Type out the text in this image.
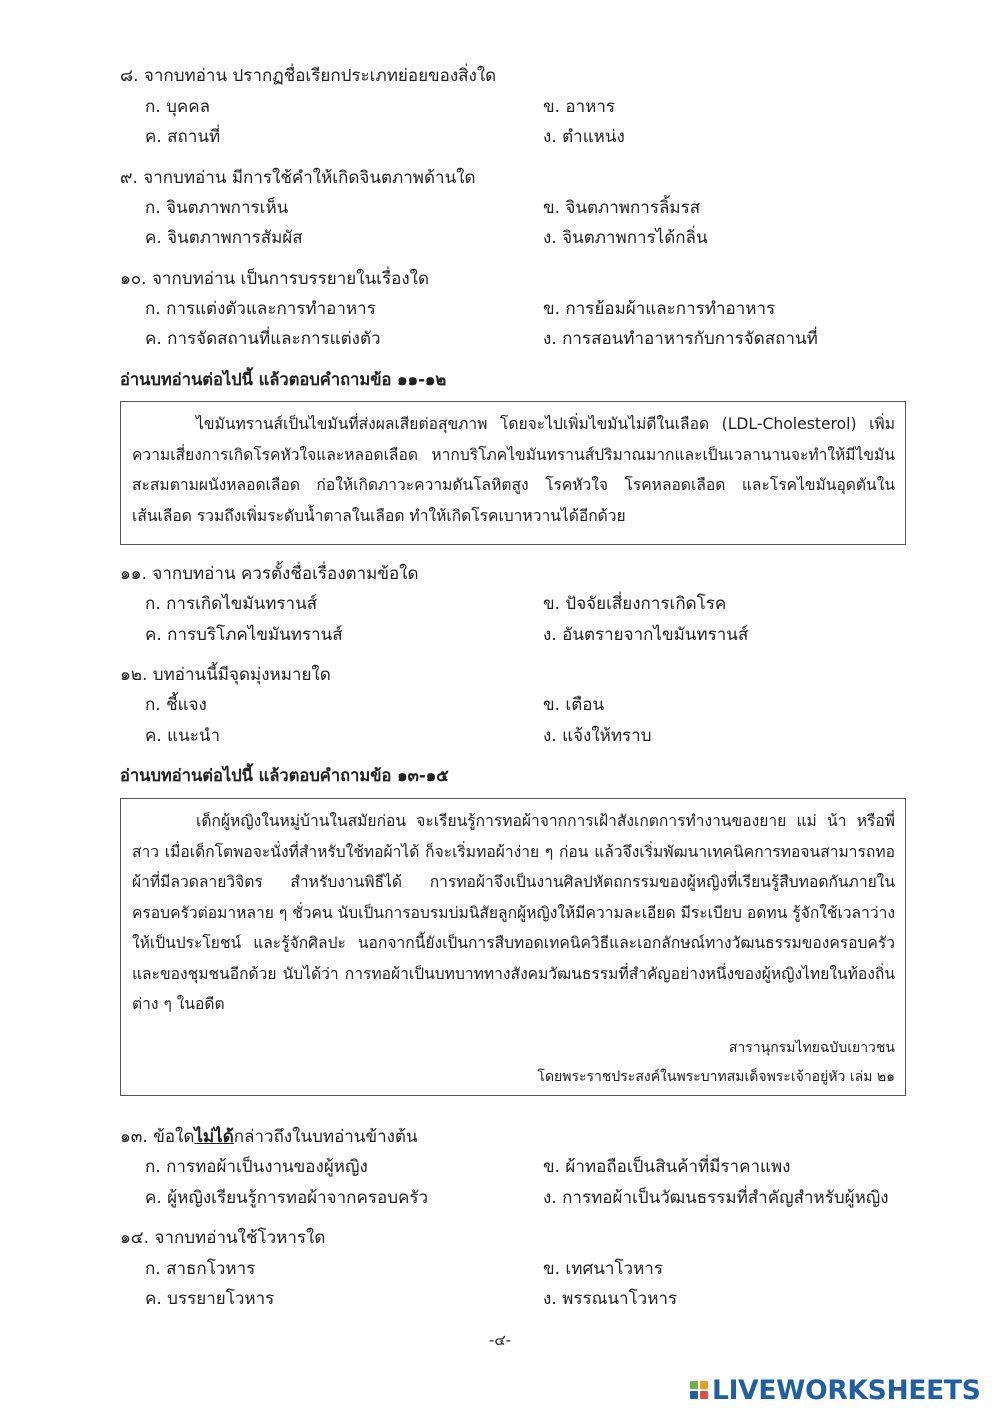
๘. จากบทอ่าน ปรากฏชื่อเรียกประเภทย่อยของสิ่งใด
ก. บุคคล	ข. อาหาร
ค. สถานที่	ง. ตำแหน่ง
๙. จากบทอ่าน มีการใช้คำให้เกิดจินตภาพด้านใด
ก. จินตภาพการเห็น	ข. จินตภาพการลิ้มรส
ค. จินตภาพการสัมผัส	ง. จินตภาพการได้กลิ่น
๑๐. จากบทอ่าน เป็นการบรรยายในเรื่องใด
ก. การแต่งตัวและการทำอาหาร	ข. การย้อมผ้าและการทำอาหาร
ค. การจัดสถานที่และการแต่งตัว	ง. การสอนทำอาหารกับการจัดสถานที่
อ่านบทอ่านต่อไปนี้ แล้วตอบคำถามข้อ ๑๑-๑๒

ไขมันทรานส์เป็นไขมันที่ส่งผลเสียต่อสุขภาพ โดยจะไปเพิ่มไขมันไม่ดีในเลือด (LDL-Cholesterol) เพิ่มความเสี่ยงการเกิดโรคหัวใจและหลอดเลือด หากบริโภคไขมันทรานส์ปริมาณมากและเป็นเวลานานจะทำให้มีไขมันสะสมตามผนังหลอดเลือด ก่อให้เกิดภาวะความดันโลหิตสูง โรคหัวใจ โรคหลอดเลือด และโรคไขมันอุดตันในเส้นเลือด รวมถึงเพิ่มระดับน้ำตาลในเลือด ทำให้เกิดโรคเบาหวานได้อีกด้วย

๑๑. จากบทอ่าน ควรตั้งชื่อเรื่องตามข้อใด
ก. การเกิดไขมันทรานส์	ข. ปัจจัยเสี่ยงการเกิดโรค
ค. การบริโภคไขมันทรานส์	ง. อันตรายจากไขมันทรานส์
๑๒. บทอ่านนี้มีจุดมุ่งหมายใด
ก. ชี้แจง	ข. เตือน
ค. แนะนำ	ง. แจ้งให้ทราบ
อ่านบทอ่านต่อไปนี้ แล้วตอบคำถามข้อ ๑๓-๑๕

เด็กผู้หญิงในหมู่บ้านในสมัยก่อน จะเรียนรู้การทอผ้าจากการเฝ้าสังเกตการทำงานของยาย แม่ น้า หรือพี่สาว เมื่อเด็กโตพอจะนั่งที่สำหรับใช้ทอผ้าได้ ก็จะเริ่มทอผ้าง่าย ๆ ก่อน แล้วจึงเริ่มพัฒนาเทคนิคการทอจนสามารถทอผ้าที่มีลวดลายวิจิตร สำหรับงานพิธีได้ การทอผ้าจึงเป็นงานศิลปหัตถกรรมของผู้หญิงที่เรียนรู้สืบทอดกันภายในครอบครัวต่อมาหลาย ๆ ชั่วคน นับเป็นการอบรมบ่มนิสัยลูกผู้หญิงให้มีความละเอียด มีระเบียบ อดทน รู้จักใช้เวลาว่างให้เป็นประโยชน์ และรู้จักศิลปะ นอกจากนี้ยังเป็นการสืบทอดเทคนิควิธีและเอกลักษณ์ทางวัฒนธรรมของครอบครัวและของชุมชนอีกด้วย นับได้ว่า การทอผ้าเป็นบทบาททางสังคมวัฒนธรรมที่สำคัญอย่างหนึ่งของผู้หญิงไทยในท้องถิ่นต่าง ๆ ในอดีต

สารานุกรมไทยฉบับเยาวชน
โดยพระราชประสงค์ในพระบาทสมเด็จพระเจ้าอยู่หัว เล่ม ๒๑
๑๓. ข้อใดไม่ได้กล่าวถึงในบทอ่านข้างต้น
ก. การทอผ้าเป็นงานของผู้หญิง	ข. ผ้าทอถือเป็นสินค้าที่มีราคาแพง
ค. ผู้หญิงเรียนรู้การทอผ้าจากครอบครัว	ง. การทอผ้าเป็นวัฒนธรรมที่สำคัญสำหรับผู้หญิง
๑๔. จากบทอ่านใช้โวหารใด
ก. สาธกโวหาร	ข. เทศนาโวหาร
ค. บรรยายโวหาร	ง. พรรณนาโวหาร
-๔-
LIVEWORKSHEETS
